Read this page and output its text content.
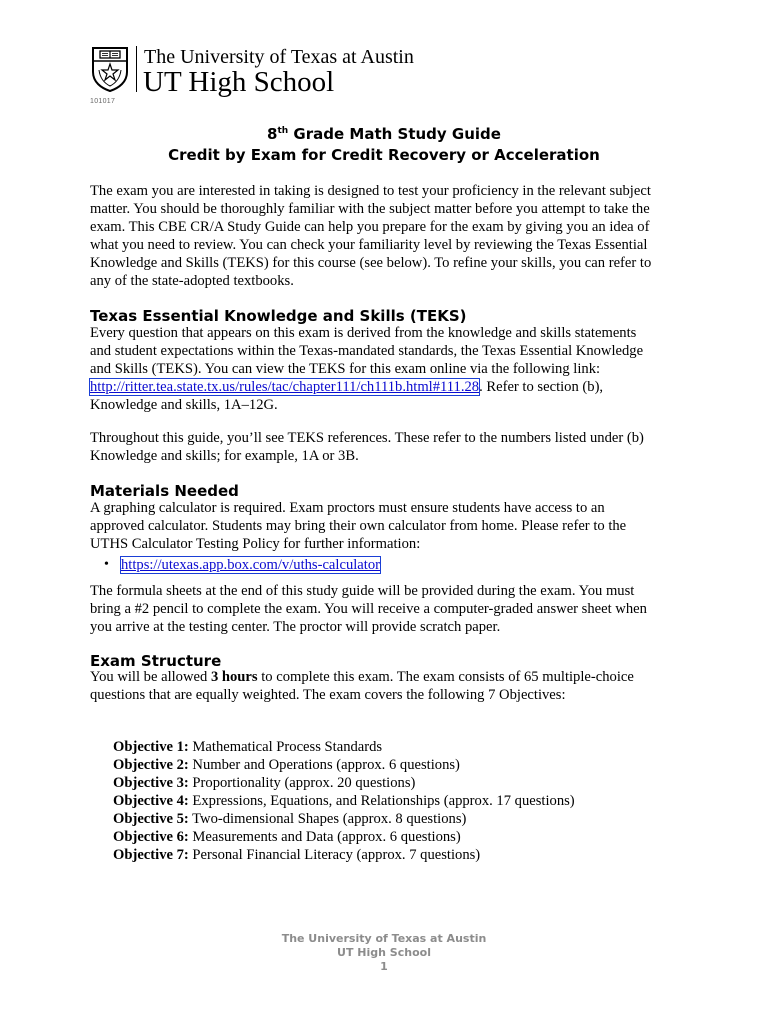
101017
The University of Texas at Austin
UT High School
8th Grade Math Study Guide
Credit by Exam for Credit Recovery or Acceleration

The exam you are interested in taking is designed to test your proficiency in the relevant subject
matter. You should be thoroughly familiar with the subject matter before you attempt to take the
exam. This CBE CR/A Study Guide can help you prepare for the exam by giving you an idea of
what you need to review. You can check your familiarity level by reviewing the Texas Essential
Knowledge and Skills (TEKS) for this course (see below). To refine your skills, you can refer to
any of the state-adopted textbooks.

Texas Essential Knowledge and Skills (TEKS)

Every question that appears on this exam is derived from the knowledge and skills statements
and student expectations within the Texas-mandated standards, the Texas Essential Knowledge
and Skills (TEKS). You can view the TEKS for this exam online via the following link:
http://ritter.tea.state.tx.us/rules/tac/chapter111/ch111b.html#111.28. Refer to section (b),
Knowledge and skills, 1A–12G.

Throughout this guide, you’ll see TEKS references. These refer to the numbers listed under (b)
Knowledge and skills; for example, 1A or 3B.

Materials Needed

A graphing calculator is required. Exam proctors must ensure students have access to an
approved calculator. Students may bring their own calculator from home. Please refer to the
UTHS Calculator Testing Policy for further information:

• https://utexas.app.box.com/v/uths-calculator

The formula sheets at the end of this study guide will be provided during the exam. You must
bring a #2 pencil to complete the exam. You will receive a computer-graded answer sheet when
you arrive at the testing center. The proctor will provide scratch paper.

Exam Structure

You will be allowed 3 hours to complete this exam. The exam consists of 65 multiple-choice
questions that are equally weighted. The exam covers the following 7 Objectives:

Objective 1: Mathematical Process Standards
Objective 2: Number and Operations (approx. 6 questions)
Objective 3: Proportionality (approx. 20 questions)
Objective 4: Expressions, Equations, and Relationships (approx. 17 questions)
Objective 5: Two-dimensional Shapes (approx. 8 questions)
Objective 6: Measurements and Data (approx. 6 questions)
Objective 7: Personal Financial Literacy (approx. 7 questions)
The University of Texas at Austin
UT High School
1
